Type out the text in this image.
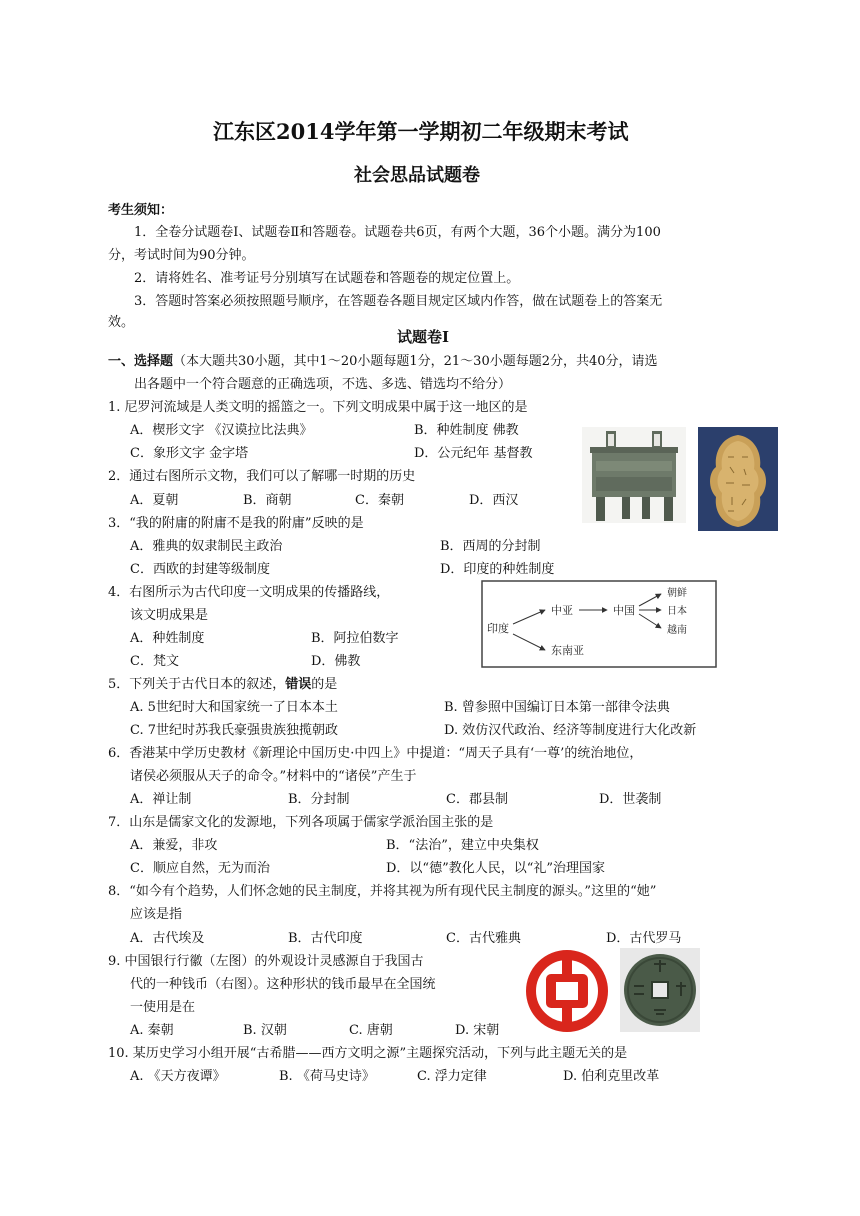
江东区2014学年第一学期初二年级期末考试
社会思品试题卷
考生须知：
1．全卷分试题卷Ⅰ、试题卷Ⅱ和答题卷。试题卷共6页，有两个大题，36个小题。满分为100
分，考试时间为90分钟。
2．请将姓名、准考证号分别填写在试题卷和答题卷的规定位置上。
3．答题时答案必须按照题号顺序，在答题卷各题目规定区域内作答，做在试题卷上的答案无
效。
试题卷Ⅰ
一、选择题（本大题共30小题，其中1～20小题每题1分，21～30小题每题2分，共40分，请选
出各题中一个符合题意的正确选项，不选、多选、错选均不给分）
1. 尼罗河流域是人类文明的摇篮之一。下列文明成果中属于这一地区的是
A．楔形文字 《汉谟拉比法典》	B．种姓制度 佛教
C．象形文字 金字塔	D．公元纪年 基督教
2．通过右图所示文物，我们可以了解哪一时期的历史
A．夏朝	B．商朝	C．秦朝	D．西汉
3．“我的附庸的附庸不是我的附庸”反映的是
A．雅典的奴隶制民主政治	B．西周的分封制
C．西欧的封建等级制度	D．印度的种姓制度
4．右图所示为古代印度一文明成果的传播路线，
该文明成果是
A．种姓制度	B．阿拉伯数字
C．梵文	D．佛教
印度
中亚	中国
朝鲜
日本
越南
东南亚
5．下列关于古代日本的叙述，错误的是
A. 5世纪时大和国家统一了日本本土	B. 曾参照中国编订日本第一部律令法典
C. 7世纪时苏我氏豪强贵族独揽朝政	D. 效仿汉代政治、经济等制度进行大化改新
6．香港某中学历史教材《新理论中国历史·中四上》中提道：“周天子具有‘一尊’的统治地位，
诸侯必须服从天子的命令。”材料中的“诸侯”产生于
A．禅让制	B．分封制	C．郡县制	D．世袭制
7．山东是儒家文化的发源地，下列各项属于儒家学派治国主张的是
A．兼爱，非攻	B．“法治”，建立中央集权
C．顺应自然，无为而治	D．以“德”教化人民，以“礼”治理国家
8．“如今有个趋势，人们怀念她的民主制度，并将其视为所有现代民主制度的源头。”这里的“她”
应该是指
A．古代埃及	B．古代印度	C．古代雅典	D．古代罗马
9. 中国银行行徽（左图）的外观设计灵感源自于我国古
代的一种钱币（右图）。这种形状的钱币最早在全国统
一使用是在
A. 秦朝	B. 汉朝	C. 唐朝	D. 宋朝
10. 某历史学习小组开展“古希腊——西方文明之源”主题探究活动，下列与此主题无关的是
A. 《天方夜谭》	B. 《荷马史诗》	C. 浮力定律	D. 伯利克里改革
